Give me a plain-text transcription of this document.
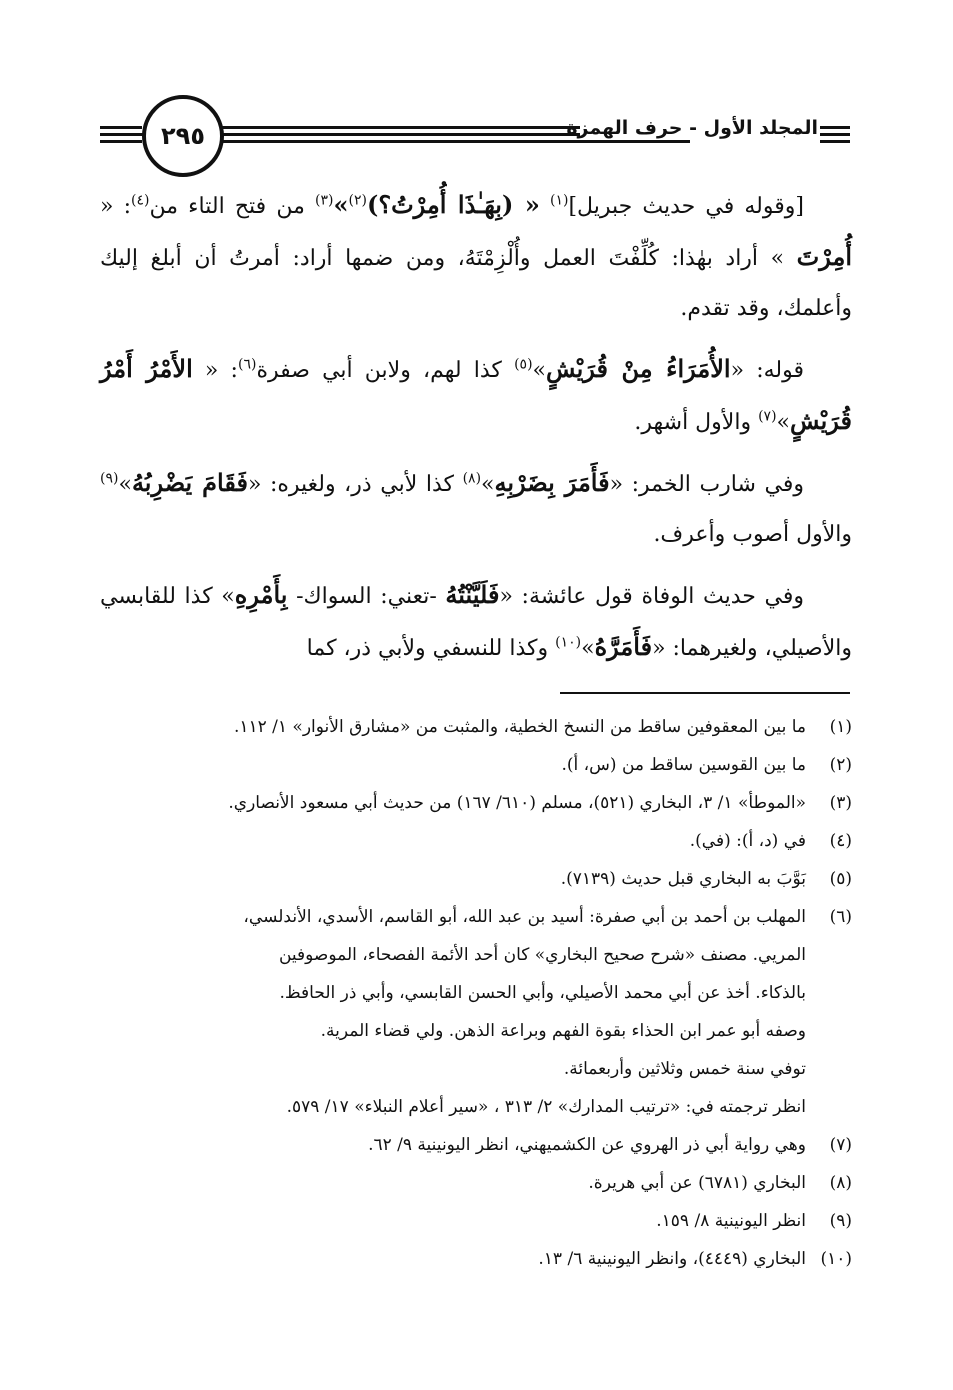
٢٩٥	المجلد الأول - حرف الهمزة

[وقوله في حديث جبريل]$^{(١)}$ « (بِهَـٰذَا أُمِرْتُ؟)$^{(٢)}$»$^{(٣)}$ من فتح التاء من$^{(٤)}$: « أُمِرْتَ » أراد بهٰذا: كُلِّفْتَ العمل وأُلْزِمْتَهُ، ومن ضمها أراد: أمرتُ أن أبلغ إليك وأعلمك، وقد تقدم.

قوله: «الأُمَرَاءُ مِنْ قُرَيْشٍ»$^{(٥)}$ كذا لهم، ولابن أبي صفرة$^{(٦)}$: « الأَمْرُ أَمْرُ قُرَيْشٍ»$^{(٧)}$ والأول أشهر.

وفي شارب الخمر: «فَأَمَرَ بِضَرْبِهِ»$^{(٨)}$ كذا لأبي ذر، ولغيره: «فَقَامَ يَضْرِبُهُ»$^{(٩)}$ والأول أصوب وأعرف.

وفي حديث الوفاة قول عائشة: «فَلَيَّنْتُهُ -تعني: السواك- بِأَمْرِهِ» كذا للقابسي والأصيلي، ولغيرهما: «فَأَمَرَّهُ»$^{(١٠)}$ وكذا للنسفي ولأبي ذر، كما

(١)
ما بين المعقوفين ساقط من النسخ الخطية، والمثبت من «مشارق الأنوار» ١/ ١١٢.
(٢)
ما بين القوسين ساقط من (س، أ).
(٣)
«الموطأ» ١/ ٣، البخاري (٥٢١)، مسلم (٦١٠/ ١٦٧) من حديث أبي مسعود الأنصاري.
(٤)
في (د، أ): (في).
(٥)
بَوَّبَ به البخاري قبل حديث (٧١٣٩).
(٦)
المهلب بن أحمد بن أبي صفرة: أسيد بن عبد الله، أبو القاسم، الأسدي، الأندلسي،
المريي. مصنف «شرح صحيح البخاري» كان أحد الأئمة الفصحاء، الموصوفين
بالذكاء. أخذ عن أبي محمد الأصيلي، وأبي الحسن القابسي، وأبي ذر الحافظ.
وصفه أبو عمر ابن الحذاء بقوة الفهم وبراعة الذهن. ولي قضاء المرية.
توفي سنة خمس وثلاثين وأربعمائة.
انظر ترجمته في: «ترتيب المدارك» ٢/ ٣١٣ ، «سير أعلام النبلاء» ١٧/ ٥٧٩.
(٧)
وهي رواية أبي ذر الهروي عن الكشميهني، انظر اليونينية ٩/ ٦٢.
(٨)
البخاري (٦٧٨١) عن أبي هريرة.
(٩)
انظر اليونينية ٨/ ١٥٩.
(١٠)
البخاري (٤٤٤٩)، وانظر اليونينية ٦/ ١٣.
